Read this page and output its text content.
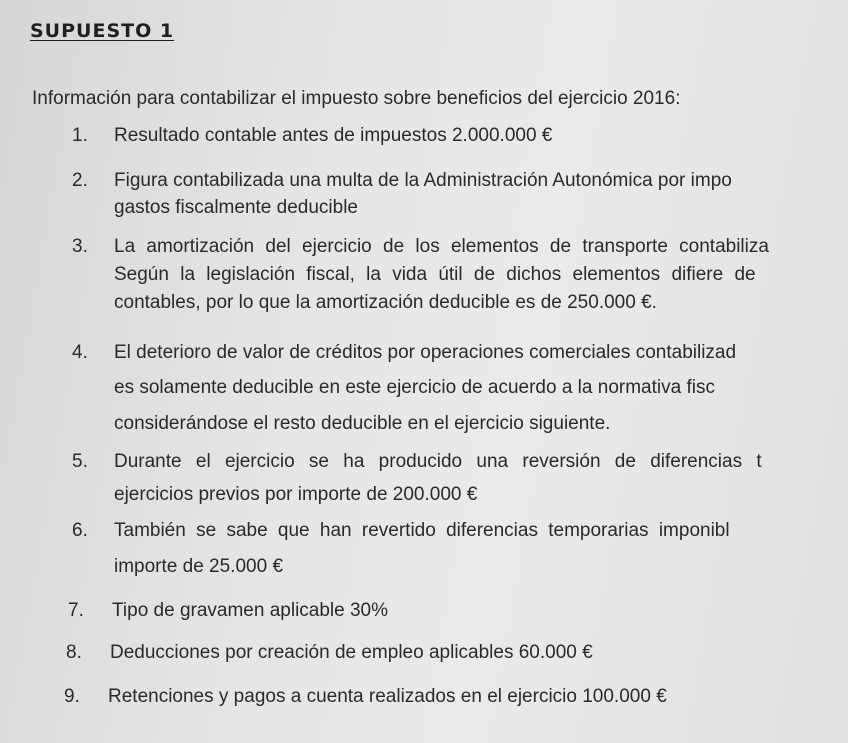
SUPUESTO 1
Información para contabilizar el impuesto sobre beneficios del ejercicio 2016:
1. Resultado contable antes de impuestos 2.000.000 €
2. Figura contabilizada una multa de la Administración Autonómica por impo
gastos fiscalmente deducible
3. La amortización del ejercicio de los elementos de transporte contabiliza
Según la legislación fiscal, la vida útil de dichos elementos difiere de
contables, por lo que la amortización deducible es de 250.000 €.
4. El deterioro de valor de créditos por operaciones comerciales contabilizad
es solamente deducible en este ejercicio de acuerdo a la normativa fisc
considerándose el resto deducible en el ejercicio siguiente.
5. Durante el ejercicio se ha producido una reversión de diferencias t
ejercicios previos por importe de 200.000 €
6. También se sabe que han revertido diferencias temporarias imponibl
importe de 25.000 €
7. Tipo de gravamen aplicable 30%
8. Deducciones por creación de empleo aplicables 60.000 €
9. Retenciones y pagos a cuenta realizados en el ejercicio 100.000 €
